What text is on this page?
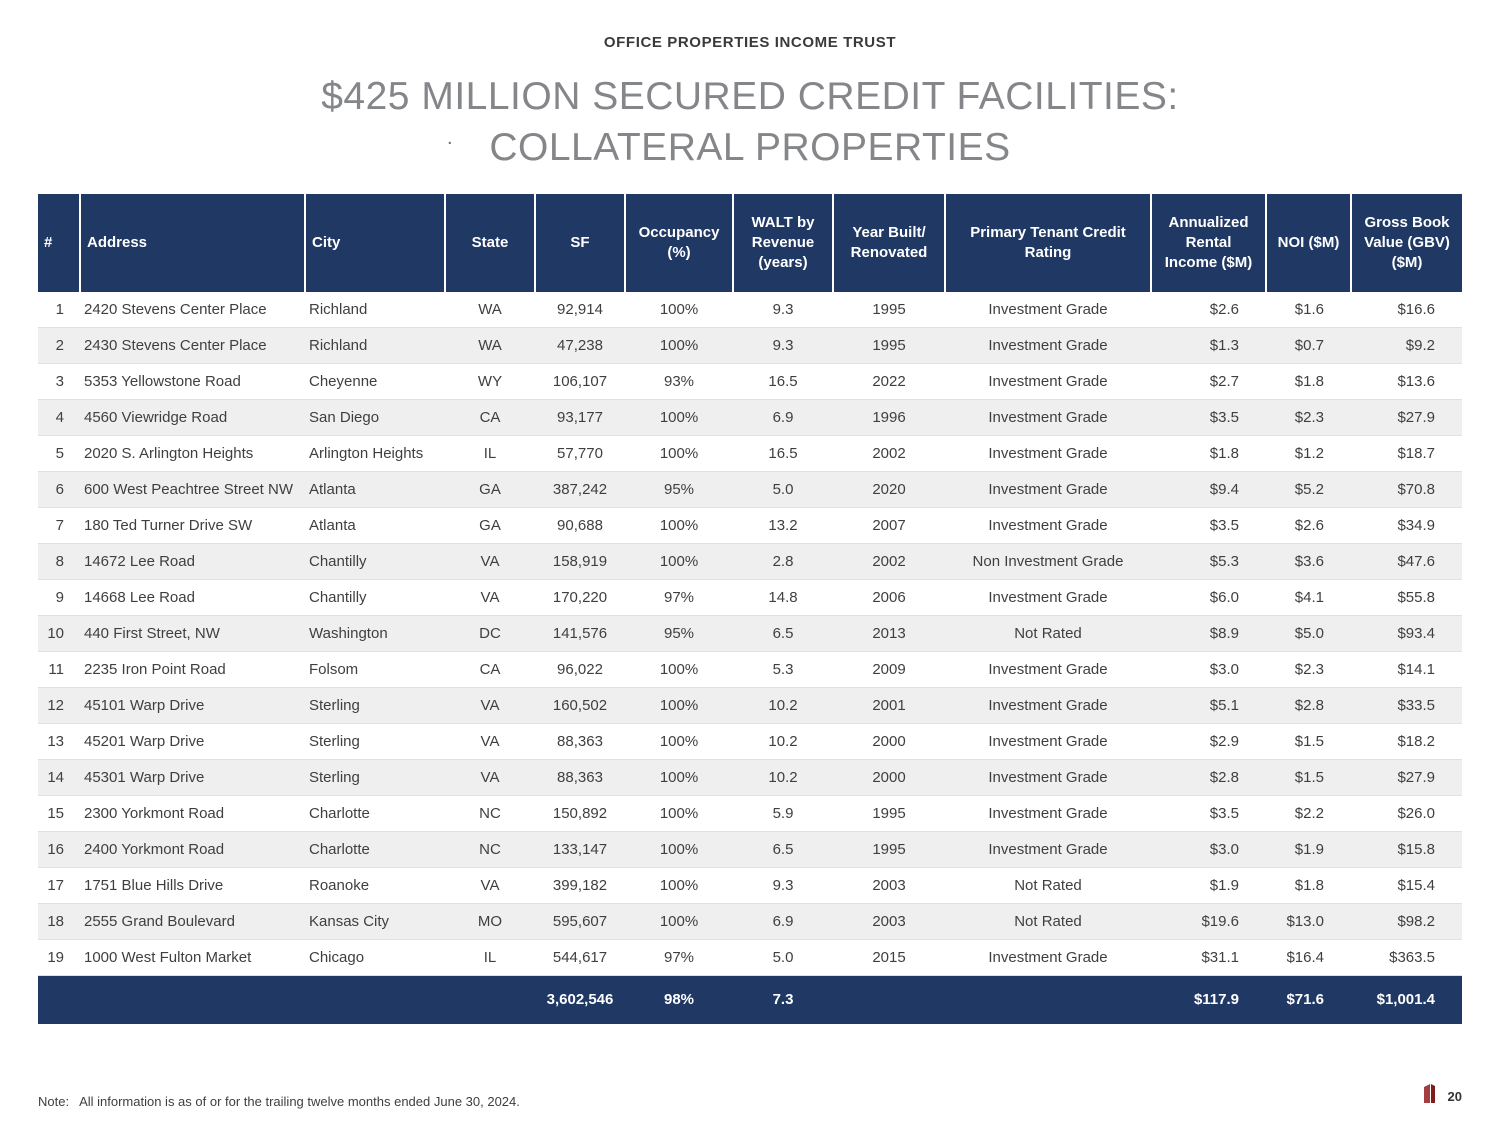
OFFICE PROPERTIES INCOME TRUST
$425 MILLION SECURED CREDIT FACILITIES:
. COLLATERAL PROPERTIES
#	Address	City	State	SF	Occupancy (%)	WALT by Revenue (years)	Year Built/ Renovated	Primary Tenant Credit Rating	Annualized Rental Income ($M)	NOI ($M)	Gross Book Value (GBV) ($M)
1	2420 Stevens Center Place	Richland	WA	92,914	100%	9.3	1995	Investment Grade	$2.6	$1.6	$16.6
2	2430 Stevens Center Place	Richland	WA	47,238	100%	9.3	1995	Investment Grade	$1.3	$0.7	$9.2
3	5353 Yellowstone Road	Cheyenne	WY	106,107	93%	16.5	2022	Investment Grade	$2.7	$1.8	$13.6
4	4560 Viewridge Road	San Diego	CA	93,177	100%	6.9	1996	Investment Grade	$3.5	$2.3	$27.9
5	2020 S. Arlington Heights	Arlington Heights	IL	57,770	100%	16.5	2002	Investment Grade	$1.8	$1.2	$18.7
6	600 West Peachtree Street NW	Atlanta	GA	387,242	95%	5.0	2020	Investment Grade	$9.4	$5.2	$70.8
7	180 Ted Turner Drive SW	Atlanta	GA	90,688	100%	13.2	2007	Investment Grade	$3.5	$2.6	$34.9
8	14672 Lee Road	Chantilly	VA	158,919	100%	2.8	2002	Non Investment Grade	$5.3	$3.6	$47.6
9	14668 Lee Road	Chantilly	VA	170,220	97%	14.8	2006	Investment Grade	$6.0	$4.1	$55.8
10	440 First Street, NW	Washington	DC	141,576	95%	6.5	2013	Not Rated	$8.9	$5.0	$93.4
11	2235 Iron Point Road	Folsom	CA	96,022	100%	5.3	2009	Investment Grade	$3.0	$2.3	$14.1
12	45101 Warp Drive	Sterling	VA	160,502	100%	10.2	2001	Investment Grade	$5.1	$2.8	$33.5
13	45201 Warp Drive	Sterling	VA	88,363	100%	10.2	2000	Investment Grade	$2.9	$1.5	$18.2
14	45301 Warp Drive	Sterling	VA	88,363	100%	10.2	2000	Investment Grade	$2.8	$1.5	$27.9
15	2300 Yorkmont Road	Charlotte	NC	150,892	100%	5.9	1995	Investment Grade	$3.5	$2.2	$26.0
16	2400 Yorkmont Road	Charlotte	NC	133,147	100%	6.5	1995	Investment Grade	$3.0	$1.9	$15.8
17	1751 Blue Hills Drive	Roanoke	VA	399,182	100%	9.3	2003	Not Rated	$1.9	$1.8	$15.4
18	2555 Grand Boulevard	Kansas City	MO	595,607	100%	6.9	2003	Not Rated	$19.6	$13.0	$98.2
19	1000 West Fulton Market	Chicago	IL	544,617	97%	5.0	2015	Investment Grade	$31.1	$16.4	$363.5
				3,602,546	98%	7.3			$117.9	$71.6	$1,001.4
Note: All information is as of or for the trailing twelve months ended June 30, 2024.	20
